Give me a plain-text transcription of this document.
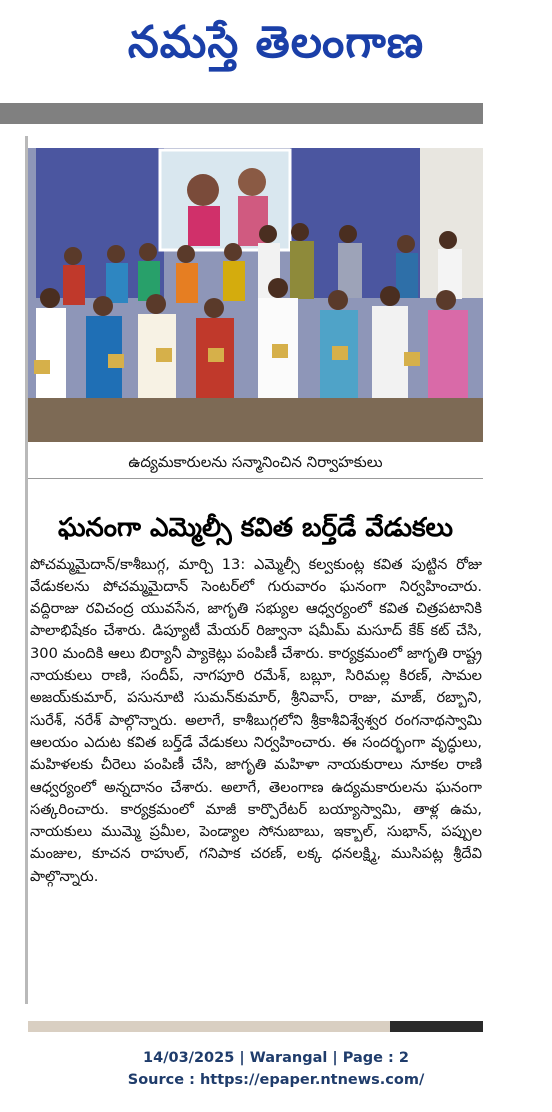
నమస్తే తెలంగాణ
ఉద్యమకారులను సన్మానించిన నిర్వాహకులు
ఘనంగా ఎమ్మెల్సీ కవిత బర్త్‌డే వేడుకలు

పోచమ్మమైదాన్/కాశీబుగ్గ, మార్చి 13: ఎమ్మెల్సీ కల్వకుంట్ల కవిత పుట్టిన రోజు వేడుకలను పోచమ్మమైదాన్ సెంటర్‌లో గురువారం ఘనంగా నిర్వహించారు. వద్దిరాజు రవిచంద్ర యువసేన, జాగృతి సభ్యుల ఆధ్వర్యంలో కవిత చిత్రపటానికి పాలాభిషేకం చేశారు. డిప్యూటీ మేయర్ రిజ్వానా షమీమ్ మసూద్ కేక్ కట్ చేసి, 300 మందికి ఆలు బిర్యానీ ప్యాకెట్లు పంపిణీ చేశారు. కార్యక్రమంలో జాగృతి రాష్ట్ర నాయకులు రాణి, సందీప్, నాగపూరి రమేశ్, బబ్లూ, సిరిమల్ల కిరణ్, సామల అజయ్‌కుమార్, పసునూటి సుమన్‌కుమార్, శ్రీనివాస్, రాజు, మాజ్, రబ్బాని, సురేశ్, నరేశ్ పాల్గొన్నారు. అలాగే, కాశీబుగ్గలోని శ్రీకాశీవిశ్వేశ్వర రంగనాథస్వామి ఆలయం ఎదుట కవిత బర్త్‌డే వేడుకలు నిర్వహించారు. ఈ సందర్భంగా వృద్ధులు, మహిళలకు చీరెలు పంపిణీ చేసి, జాగృతి మహిళా నాయకురాలు నూకల రాణి ఆధ్వర్యంలో అన్నదానం చేశారు. అలాగే, తెలంగాణ ఉద్యమకారులను ఘనంగా సత్కరించారు. కార్యక్రమంలో మాజీ కార్పొరేటర్ బయ్యాస్వామి, తాళ్ల ఉమ, నాయకులు ముమ్మె ప్రమీల, పెండ్యాల సోనుబాబు, ఇక్బాల్, సుభాన్, పప్పుల మంజుల, కూచన రాహుల్, గనిపాక చరణ్, లక్క ధనలక్ష్మి, ముసిపట్ల శ్రీదేవి పాల్గొన్నారు.

14/03/2025 | Warangal | Page : 2
Source : https://epaper.ntnews.com/
